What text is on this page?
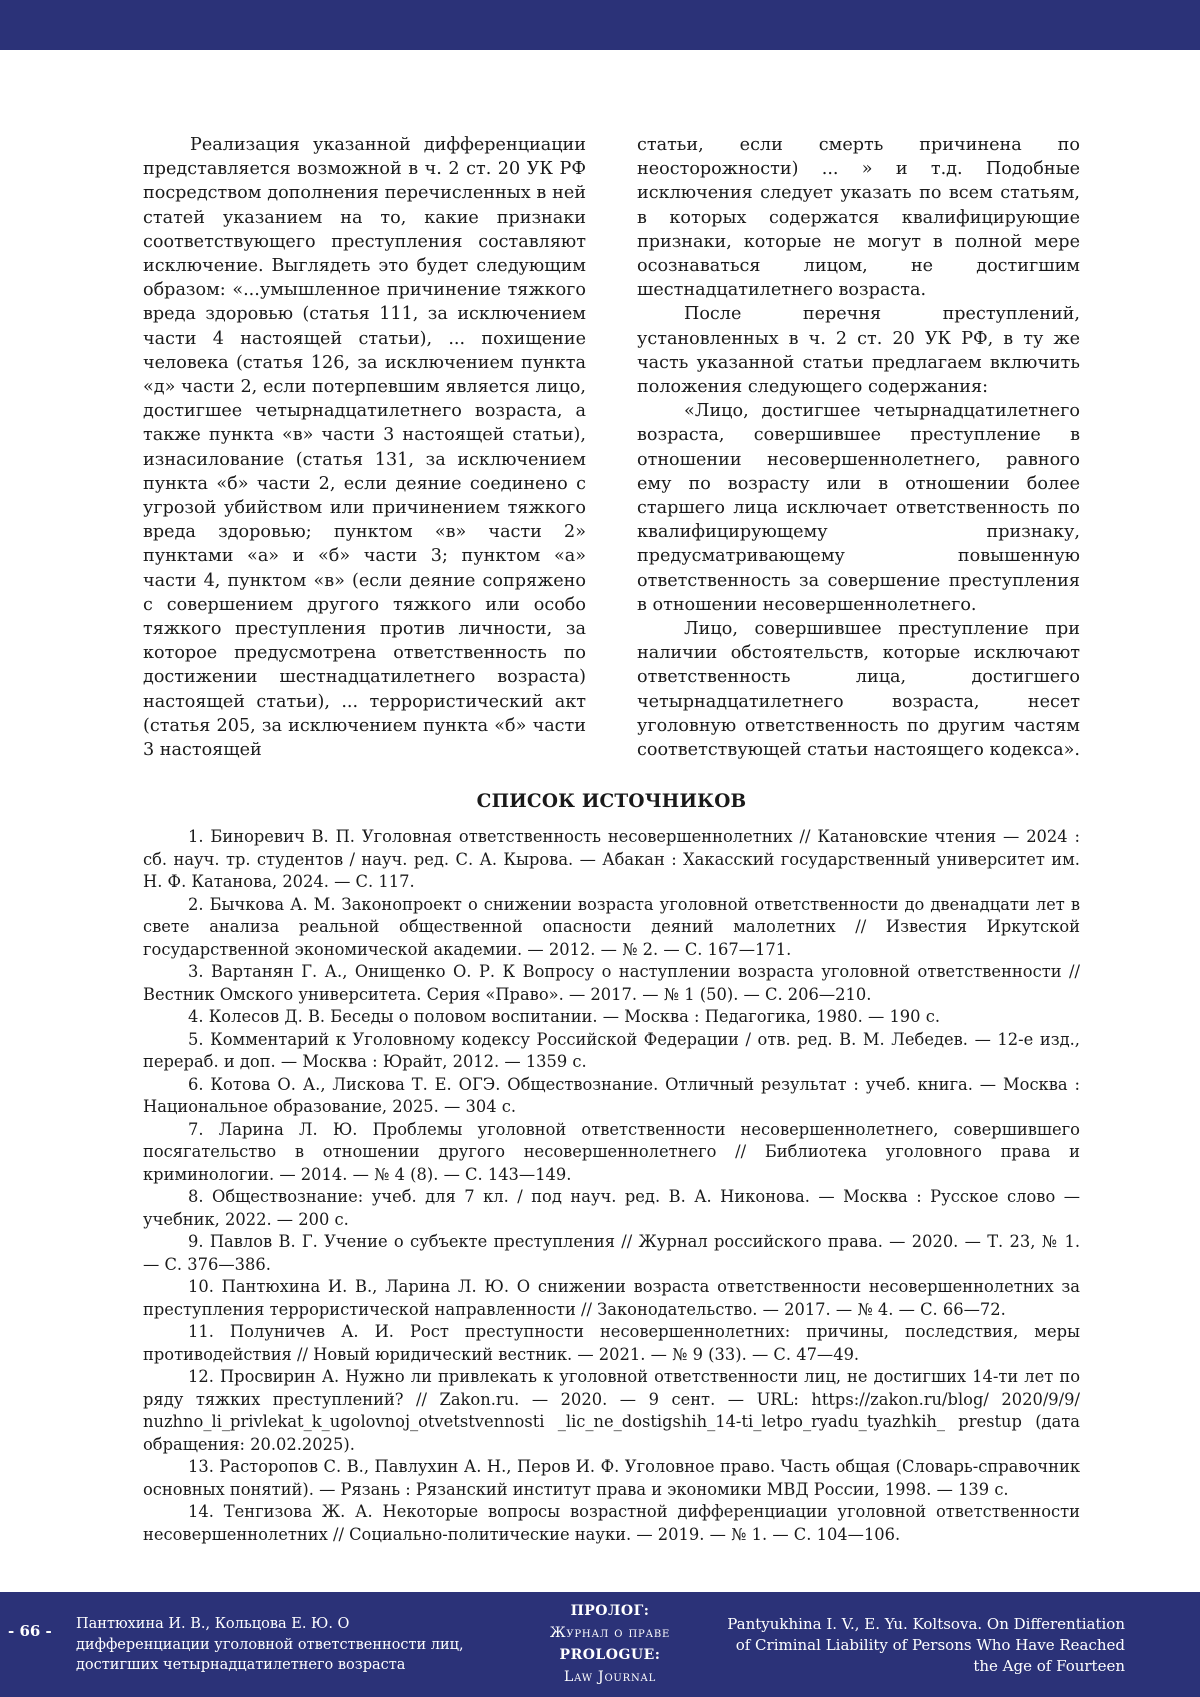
Реализация указанной дифференциации представляется возможной в ч. 2 ст. 20 УК РФ посредством дополнения перечисленных в ней статей указанием на то, какие признаки соответствующего преступления составляют исключение. Выглядеть это будет следующим образом: «...умышленное причинение тяжкого вреда здоровью (статья 111, за исключением части 4 настоящей статьи), ... похищение человека (статья 126, за исключением пункта «д» части 2, если потерпевшим является лицо, достигшее четырнадцатилетнего возраста, а также пункта «в» части 3 настоящей статьи), изнасилование (статья 131, за исключением пункта «б» части 2, если деяние соединено с угрозой убийством или причинением тяжкого вреда здоровью; пунктом «в» части 2» пунктами «а» и «б» части 3; пунктом «а» части 4, пунктом «в» (если деяние сопряжено с совершением другого тяжкого или особо тяжкого преступления против личности, за которое предусмотрена ответственность по достижении шестнадцатилетнего возраста) настоящей статьи), ... террористический акт (статья 205, за исключением пункта «б» части 3 настоящей

статьи, если смерть причинена по неосторожности) ... » и т.д. Подобные исключения следует указать по всем статьям, в которых содержатся квалифицирующие признаки, которые не могут в полной мере осознаваться лицом, не достигшим шестнадцатилетнего возраста.

После перечня преступлений, установленных в ч. 2 ст. 20 УК РФ, в ту же часть указанной статьи предлагаем включить положения следующего содержания:

«Лицо, достигшее четырнадцатилетнего возраста, совершившее преступление в отношении несовершеннолетнего, равного ему по возрасту или в отношении более старшего лица исключает ответственность по квалифицирующему признаку, предусматривающему повышенную ответственность за совершение преступления в отношении несовершеннолетнего.

Лицо, совершившее преступление при наличии обстоятельств, которые исключают ответственность лица, достигшего четырнадцатилетнего возраста, несет уголовную ответственность по другим частям соответствующей статьи настоящего кодекса».

СПИСОК ИСТОЧНИКОВ

1. Бинoревич В. П. Уголовная ответственность несовершеннолетних // Катановские чтения — 2024 : сб. науч. тр. студентов / науч. ред. С. А. Кырова. — Абакан : Хакасский государственный университет им. Н. Ф. Катанова, 2024. — С. 117.

2. Бычкова А. М. Законопроект о снижении возраста уголовной ответственности до двенадцати лет в свете анализа реальной общественной опасности деяний малолетних // Известия Иркутской государственной экономической академии. — 2012. — № 2. — С. 167—171.

3. Вартанян Г. А., Онищенко О. Р. К Вопросу о наступлении возраста уголовной ответственности // Вестник Омского университета. Серия «Право». — 2017. — № 1 (50). — С. 206—210.

4. Колесов Д. В. Беседы о половом воспитании. — Москва : Педагогика, 1980. — 190 с.

5. Комментарий к Уголовному кодексу Российской Федерации / отв. ред. В. М. Лебедев. — 12-е изд., перераб. и доп. — Москва : Юрайт, 2012. — 1359 с.

6. Котова О. А., Лискова Т. Е. ОГЭ. Обществознание. Отличный результат : учеб. книга. — Москва : Национальное образование, 2025. — 304 с.

7. Ларина Л. Ю. Проблемы уголовной ответственности несовершеннолетнего, совершившего посягательство в отношении другого несовершеннолетнего // Библиотека уголовного права и криминологии. — 2014. — № 4 (8). — С. 143—149.

8. Обществознание: учеб. для 7 кл. / под науч. ред. В. А. Никонова. — Москва : Русское слово — учебник, 2022. — 200 с.

9. Павлов В. Г. Учение о субъекте преступления // Журнал российского права. — 2020. — Т. 23, № 1. — С. 376—386.

10. Пантюхина И. В., Ларина Л. Ю. О снижении возраста ответственности несовершеннолетних за преступления террористической направленности // Законодательство. — 2017. — № 4. — С. 66—72.

11. Полуничев А. И. Рост преступности несовершеннолетних: причины, последствия, меры противодействия // Новый юридический вестник. — 2021. — № 9 (33). — С. 47—49.

12. Просвирин А. Нужно ли привлекать к уголовной ответственности лиц, не достигших 14-ти лет по ряду тяжких преступлений? // Zakon.ru. — 2020. — 9 сент. — URL: https://zakon.ru/blog/ 2020/9/9/ nuzhno_li_privlekat_k_ugolovnoj_otvetstvennosti _lic_ne_dostigshih_14-ti_letpo_ryadu_tyazhkih_ prestup (дата обращения: 20.02.2025).

13. Расторопов С. В., Павлухин А. Н., Перов И. Ф. Уголовное право. Часть общая (Словарь-справочник основных понятий). — Рязань : Рязанский институт права и экономики МВД России, 1998. — 139 с.

14. Тенгизова Ж. А. Некоторые вопросы возрастной дифференциации уголовной ответственности несовершеннолетних // Социально-политические науки. — 2019. — № 1. — С. 104—106.

- 66 - Пантюхина И. В., Кольцова Е. Ю. О дифференциации уголовной ответственности лиц, достигших четырнадцатилетнего возраста
ПРОЛОГ:
Журнал о праве
PROLOGUE:
Law Journal
Pantyukhina I. V., E. Yu. Koltsova. On Differentiation of Criminal Liability of Persons Who Have Reached the Age of Fourteen
